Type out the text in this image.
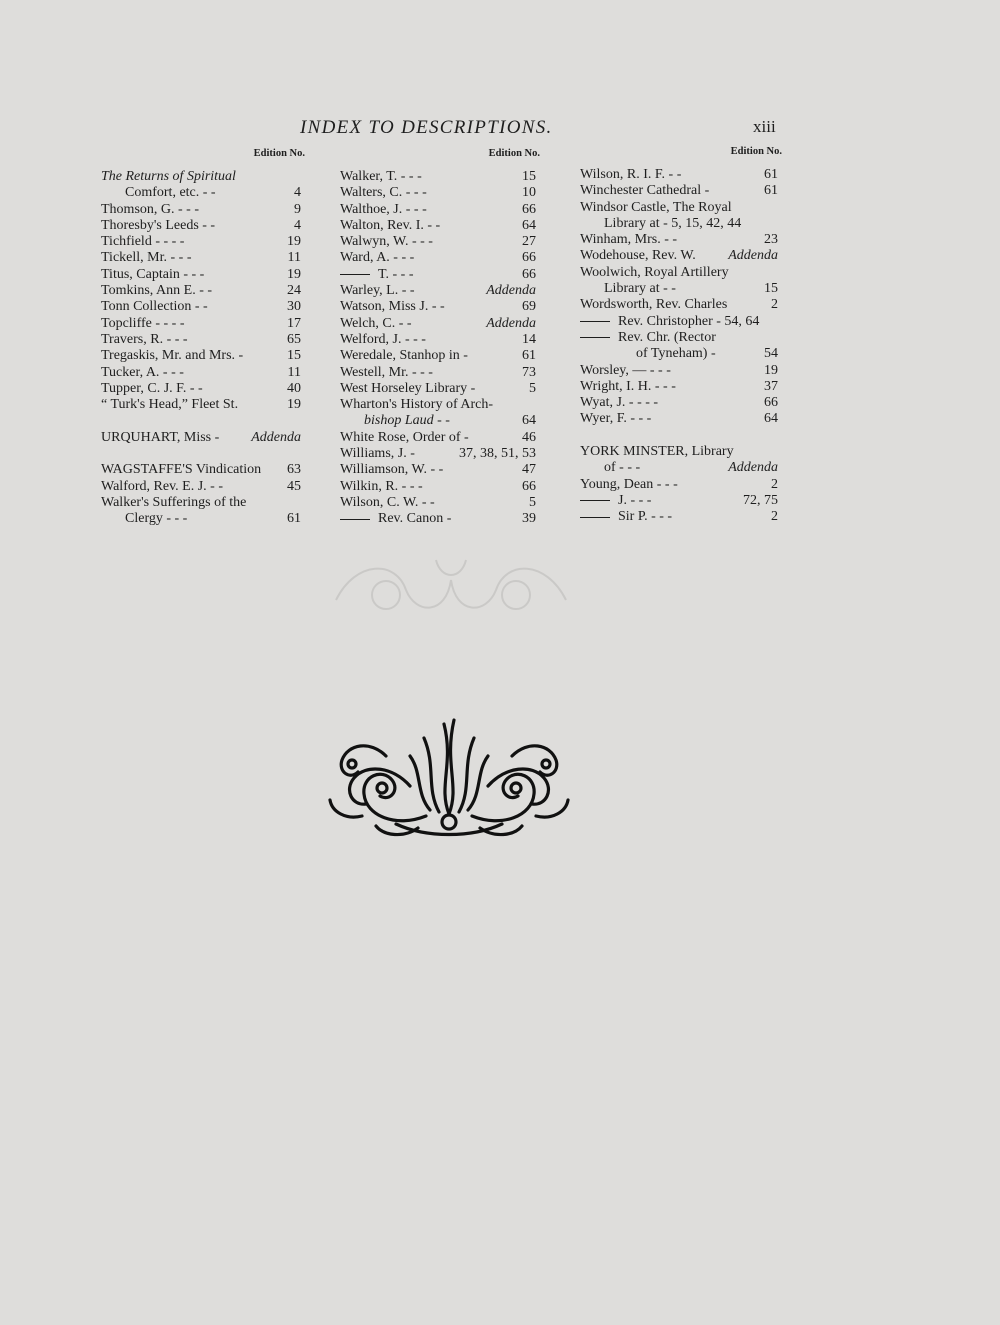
INDEX TO DESCRIPTIONS.	xiii
Edition No.
The Returns of Spiritual
Comfort, etc. - -	4
Thomson, G. - - -	9
Thoresby's Leeds - -	4
Tichfield - - - -	19
Tickell, Mr. - - -	11
Titus, Captain - - -	19
Tomkins, Ann E. - -	24
Tonn Collection - -	30
Topcliffe - - - -	17
Travers, R. - - -	65
Tregaskis, Mr. and Mrs. -	15
Tucker, A. - - -	11
Tupper, C. J. F. - -	40
“ Turk's Head,” Fleet St.	19
URQUHART, Miss - Addenda
WAGSTAFFE'S Vindication 63
Walford, Rev. E. J. - -	45
Walker's Sufferings of the
Clergy - - -	61
Edition No.
Walker, T. - - -	15
Walters, C. - - -	10
Walthoe, J. - - -	66
Walton, Rev. I. - -	64
Walwyn, W. - - -	27
Ward, A. - - -	66
T. - - -	66
Warley, L. - -	Addenda
Watson, Miss J. - -	69
Welch, C. - -	Addenda
Welford, J. - - -	14
Weredale, Stanhop in -	61
Westell, Mr. - - -	73
West Horseley Library -	5
Wharton's History of Arch-
bishop Laud - -	64
White Rose, Order of -	46
Williams, J. -	37, 38, 51, 53
Williamson, W. - -	47
Wilkin, R. - - -	66
Wilson, C. W. - -	5
Rev. Canon -	39
Edition No.
Wilson, R. I. F. - -	61
Winchester Cathedral -	61
Windsor Castle, The Royal
Library at - 5, 15, 42, 44
Winham, Mrs. - -	23
Wodehouse, Rev. W. Addenda
Woolwich, Royal Artillery
Library at - -	15
Wordsworth, Rev. Charles	2
Rev. Christopher - 54, 64
Rev. Chr. (Rector
of Tyneham) -	54
Worsley, — - - -	19
Wright, I. H. - - -	37
Wyat, J. - - - -	66
Wyer, F. - - -	64
YORK MINSTER, Library
of - - -	Addenda
Young, Dean - - -	2
J. - - -	72, 75
Sir P. - - -	2
